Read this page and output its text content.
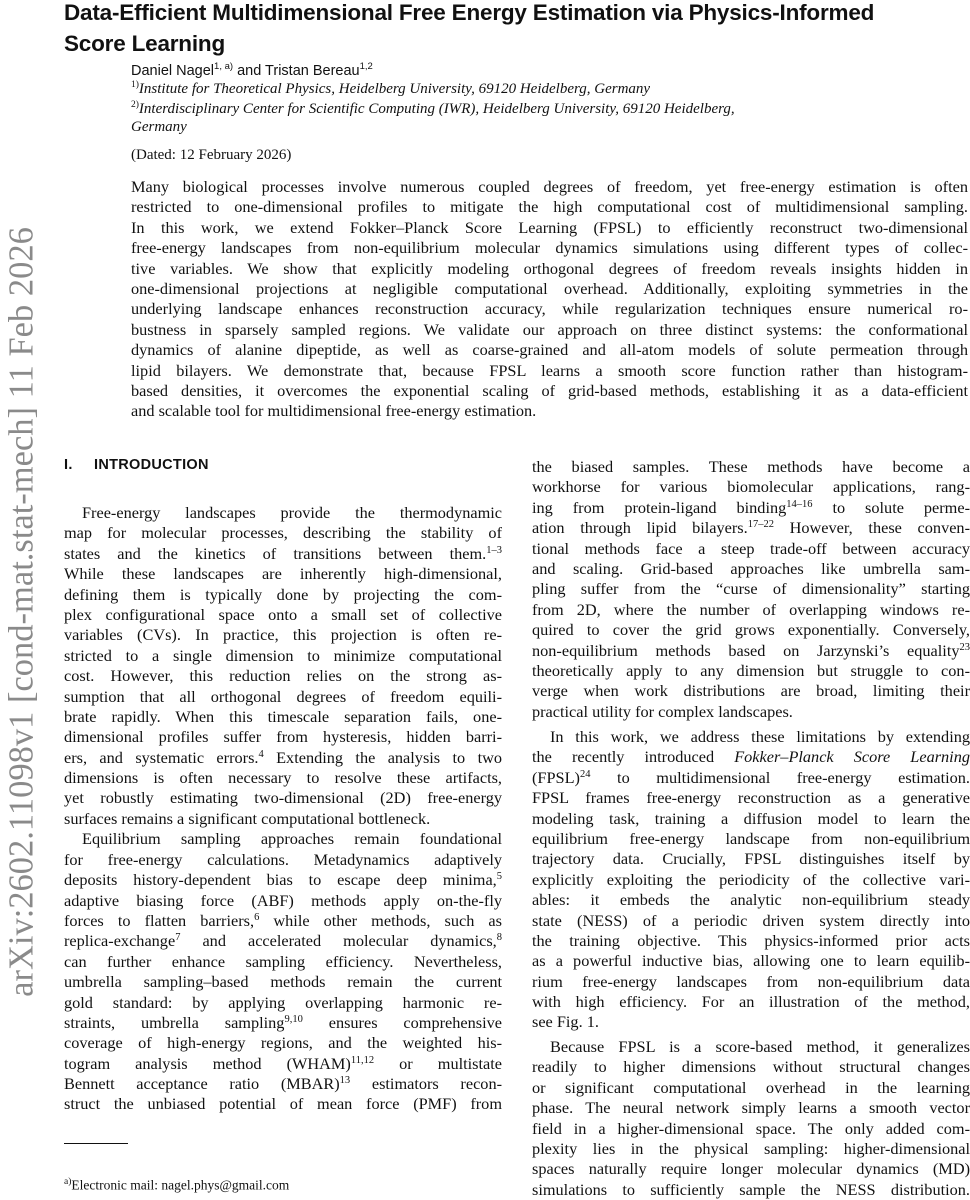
arXiv:2602.11098v1 [cond-mat.stat-mech] 11 Feb 2026
Data-Efficient Multidimensional Free Energy Estimation via Physics-Informed
Score Learning
Daniel Nagel$^{1, a)}$ and Tristan Bereau$^{1,2}$
$^{1)}$Institute for Theoretical Physics, Heidelberg University, 69120 Heidelberg, Germany
$^{2)}$Interdisciplinary Center for Scientific Computing (IWR), Heidelberg University, 69120 Heidelberg,
Germany
(Dated: 12 February 2026)
Many biological processes involve numerous coupled degrees of freedom, yet free-energy estimation is often
restricted to one-dimensional profiles to mitigate the high computational cost of multidimensional sampling.
In this work, we extend Fokker–Planck Score Learning (FPSL) to efficiently reconstruct two-dimensional
free-energy landscapes from non-equilibrium molecular dynamics simulations using different types of collec-
tive variables. We show that explicitly modeling orthogonal degrees of freedom reveals insights hidden in
one-dimensional projections at negligible computational overhead. Additionally, exploiting symmetries in the
underlying landscape enhances reconstruction accuracy, while regularization techniques ensure numerical ro-
bustness in sparsely sampled regions. We validate our approach on three distinct systems: the conformational
dynamics of alanine dipeptide, as well as coarse-grained and all-atom models of solute permeation through
lipid bilayers. We demonstrate that, because FPSL learns a smooth score function rather than histogram-
based densities, it overcomes the exponential scaling of grid-based methods, establishing it as a data-efficient
and scalable tool for multidimensional free-energy estimation.
I. INTRODUCTION
Free-energy landscapes provide the thermodynamic
map for molecular processes, describing the stability of
states and the kinetics of transitions between them.$^{1-3}$
While these landscapes are inherently high-dimensional,
defining them is typically done by projecting the com-
plex configurational space onto a small set of collective
variables (CVs). In practice, this projection is often re-
stricted to a single dimension to minimize computational
cost. However, this reduction relies on the strong as-
sumption that all orthogonal degrees of freedom equili-
brate rapidly. When this timescale separation fails, one-
dimensional profiles suffer from hysteresis, hidden barri-
ers, and systematic errors.$^4$ Extending the analysis to two
dimensions is often necessary to resolve these artifacts,
yet robustly estimating two-dimensional (2D) free-energy
surfaces remains a significant computational bottleneck.
Equilibrium sampling approaches remain foundational
for free-energy calculations. Metadynamics adaptively
deposits history-dependent bias to escape deep minima,$^5$
adaptive biasing force (ABF) methods apply on-the-fly
forces to flatten barriers,$^6$ while other methods, such as
replica-exchange$^7$ and accelerated molecular dynamics,$^8$
can further enhance sampling efficiency. Nevertheless,
umbrella sampling–based methods remain the current
gold standard: by applying overlapping harmonic re-
straints, umbrella sampling$^{9,10}$ ensures comprehensive
coverage of high-energy regions, and the weighted his-
togram analysis method (WHAM)$^{11,12}$ or multistate
Bennett acceptance ratio (MBAR)$^{13}$ estimators recon-
struct the unbiased potential of mean force (PMF) from
the biased samples. These methods have become a
workhorse for various biomolecular applications, rang-
ing from protein-ligand binding$^{14-16}$ to solute perme-
ation through lipid bilayers.$^{17-22}$ However, these conven-
tional methods face a steep trade-off between accuracy
and scaling. Grid-based approaches like umbrella sam-
pling suffer from the “curse of dimensionality” starting
from 2D, where the number of overlapping windows re-
quired to cover the grid grows exponentially. Conversely,
non-equilibrium methods based on Jarzynski’s equality$^{23}$
theoretically apply to any dimension but struggle to con-
verge when work distributions are broad, limiting their
practical utility for complex landscapes.
In this work, we address these limitations by extending
the recently introduced Fokker–Planck Score Learning
(FPSL)$^{24}$ to multidimensional free-energy estimation.
FPSL frames free-energy reconstruction as a generative
modeling task, training a diffusion model to learn the
equilibrium free-energy landscape from non-equilibrium
trajectory data. Crucially, FPSL distinguishes itself by
explicitly exploiting the periodicity of the collective vari-
ables: it embeds the analytic non-equilibrium steady
state (NESS) of a periodic driven system directly into
the training objective. This physics-informed prior acts
as a powerful inductive bias, allowing one to learn equilib-
rium free-energy landscapes from non-equilibrium data
with high efficiency. For an illustration of the method,
see Fig. 1.
Because FPSL is a score-based method, it generalizes
readily to higher dimensions without structural changes
or significant computational overhead in the learning
phase. The neural network simply learns a smooth vector
field in a higher-dimensional space. The only added com-
plexity lies in the physical sampling: higher-dimensional
spaces naturally require longer molecular dynamics (MD)
simulations to sufficiently sample the NESS distribution.
$^{a)}$Electronic mail: nagel.phys@gmail.com
